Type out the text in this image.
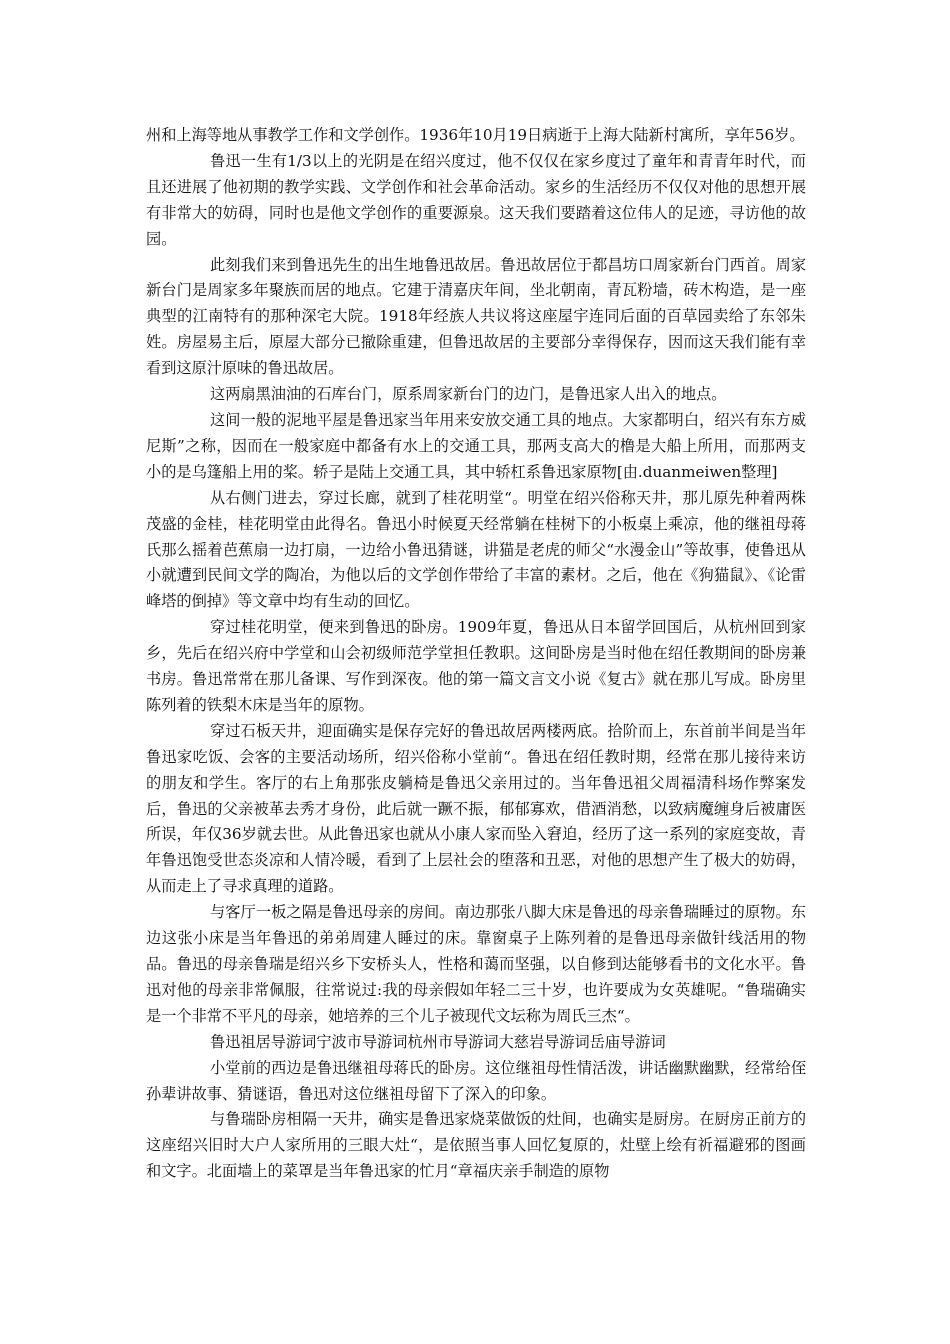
州和上海等地从事教学工作和文学创作。1936年10月19日病逝于上海大陆新村寓所，享年56岁。

鲁迅一生有1/3以上的光阴是在绍兴度过，他不仅仅在家乡度过了童年和青青年时代，而且还进展了他初期的教学实践、文学创作和社会革命活动。家乡的生活经历不仅仅对他的思想开展有非常大的妨碍，同时也是他文学创作的重要源泉。这天我们要踏着这位伟人的足迹，寻访他的故园。

此刻我们来到鲁迅先生的出生地鲁迅故居。鲁迅故居位于都昌坊口周家新台门西首。周家新台门是周家多年聚族而居的地点。它建于清嘉庆年间，坐北朝南，青瓦粉墙，砖木构造，是一座典型的江南特有的那种深宅大院。1918年经族人共议将这座屋宇连同后面的百草园卖给了东邻朱姓。房屋易主后，原屋大部分已撤除重建，但鲁迅故居的主要部分幸得保存，因而这天我们能有幸看到这原汁原味的鲁迅故居。

这两扇黑油油的石库台门，原系周家新台门的边门，是鲁迅家人出入的地点。

这间一般的泥地平屋是鲁迅家当年用来安放交通工具的地点。大家都明白，绍兴有东方威尼斯”之称，因而在一般家庭中都备有水上的交通工具，那两支高大的橹是大船上所用，而那两支小的是乌篷船上用的桨。轿子是陆上交通工具，其中轿杠系鲁迅家原物[由.duanmeiwen整理]

从右侧门进去，穿过长廊，就到了桂花明堂“。明堂在绍兴俗称天井，那儿原先种着两株茂盛的金桂，桂花明堂由此得名。鲁迅小时候夏天经常躺在桂树下的小板桌上乘凉，他的继祖母蒋氏那么摇着芭蕉扇一边打扇，一边给小鲁迅猜谜，讲猫是老虎的师父“水漫金山”等故事，使鲁迅从小就遭到民间文学的陶冶，为他以后的文学创作带给了丰富的素材。之后，他在《狗猫鼠》、《论雷峰塔的倒掉》等文章中均有生动的回忆。

穿过桂花明堂，便来到鲁迅的卧房。1909年夏，鲁迅从日本留学回国后，从杭州回到家乡，先后在绍兴府中学堂和山会初级师范学堂担任教职。这间卧房是当时他在绍任教期间的卧房兼书房。鲁迅常常在那儿备课、写作到深夜。他的第一篇文言文小说《复古》就在那儿写成。卧房里陈列着的铁梨木床是当年的原物。

穿过石板天井，迎面确实是保存完好的鲁迅故居两楼两底。拾阶而上，东首前半间是当年鲁迅家吃饭、会客的主要活动场所，绍兴俗称小堂前“。鲁迅在绍任教时期，经常在那儿接待来访的朋友和学生。客厅的右上角那张皮躺椅是鲁迅父亲用过的。当年鲁迅祖父周福清科场作弊案发后，鲁迅的父亲被革去秀才身份，此后就一蹶不振，郁郁寡欢，借酒消愁，以致病魔缠身后被庸医所误，年仅36岁就去世。从此鲁迅家也就从小康人家而坠入窘迫，经历了这一系列的家庭变故，青年鲁迅饱受世态炎凉和人情冷暖，看到了上层社会的堕落和丑恶，对他的思想产生了极大的妨碍，从而走上了寻求真理的道路。

与客厅一板之隔是鲁迅母亲的房间。南边那张八脚大床是鲁迅的母亲鲁瑞睡过的原物。东边这张小床是当年鲁迅的弟弟周建人睡过的床。靠窗桌子上陈列着的是鲁迅母亲做针线活用的物品。鲁迅的母亲鲁瑞是绍兴乡下安桥头人，性格和蔼而坚强，以自修到达能够看书的文化水平。鲁迅对他的母亲非常佩服，往常说过:我的母亲假如年轻二三十岁，也许要成为女英雄呢。“鲁瑞确实是一个非常不平凡的母亲，她培养的三个儿子被现代文坛称为周氏三杰“。

鲁迅祖居导游词宁波市导游词杭州市导游词大慈岩导游词岳庙导游词

小堂前的西边是鲁迅继祖母蒋氏的卧房。这位继祖母性情活泼，讲话幽默幽默，经常给侄孙辈讲故事、猜谜语，鲁迅对这位继祖母留下了深入的印象。

与鲁瑞卧房相隔一天井，确实是鲁迅家烧菜做饭的灶间，也确实是厨房。在厨房正前方的这座绍兴旧时大户人家所用的三眼大灶“，是依照当事人回忆复原的，灶壁上绘有祈福避邪的图画和文字。北面墙上的菜罩是当年鲁迅家的忙月“章福庆亲手制造的原物
